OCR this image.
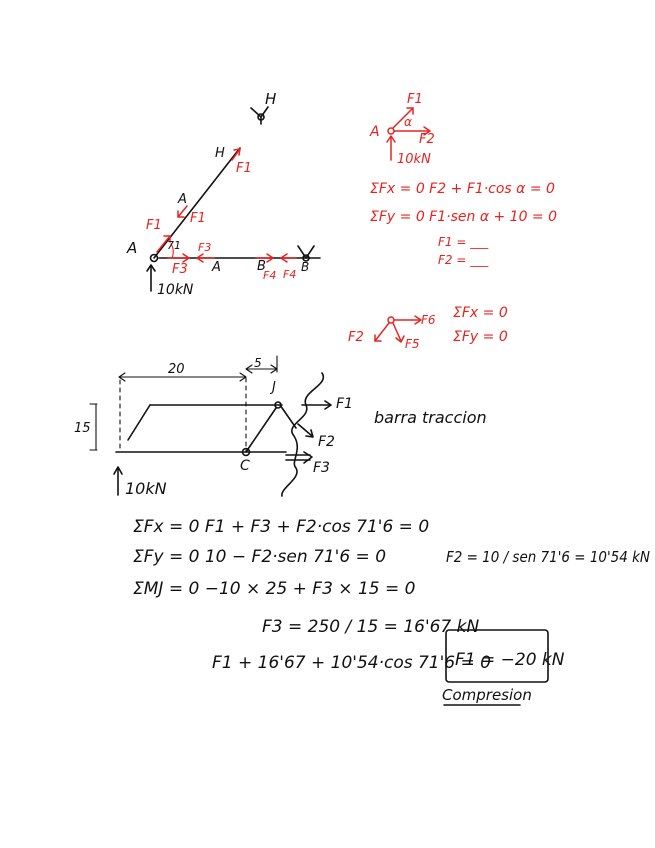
H
H
A
A
A	B	B
F1
F1 F1
71 F3
F3	F4 F4
10kN
F1
α
A	F2
10kN
ΣFx = 0 F2 + F1·cos α = 0
ΣFy = 0 F1·sen α + 10 = 0
F1 = ___
F2 = ___
F2	F5
F6 ΣFx = 0
ΣFy = 0
20	5
15
J
C
F1
F2
F3
10kN
barra traccion
ΣFx = 0 F1 + F3 + F2·cos 71'6 = 0
ΣFy = 0 10 − F2·sen 71'6 = 0
ΣMJ = 0 −10 × 25 + F3 × 15 = 0
F2 = 10 / sen 71'6 = 10'54 kN
F3 = 250 / 15 = 16'67 kN
F1 + 16'67 + 10'54·cos 71'6 = 0
F1 = −20 kN
Compresion
